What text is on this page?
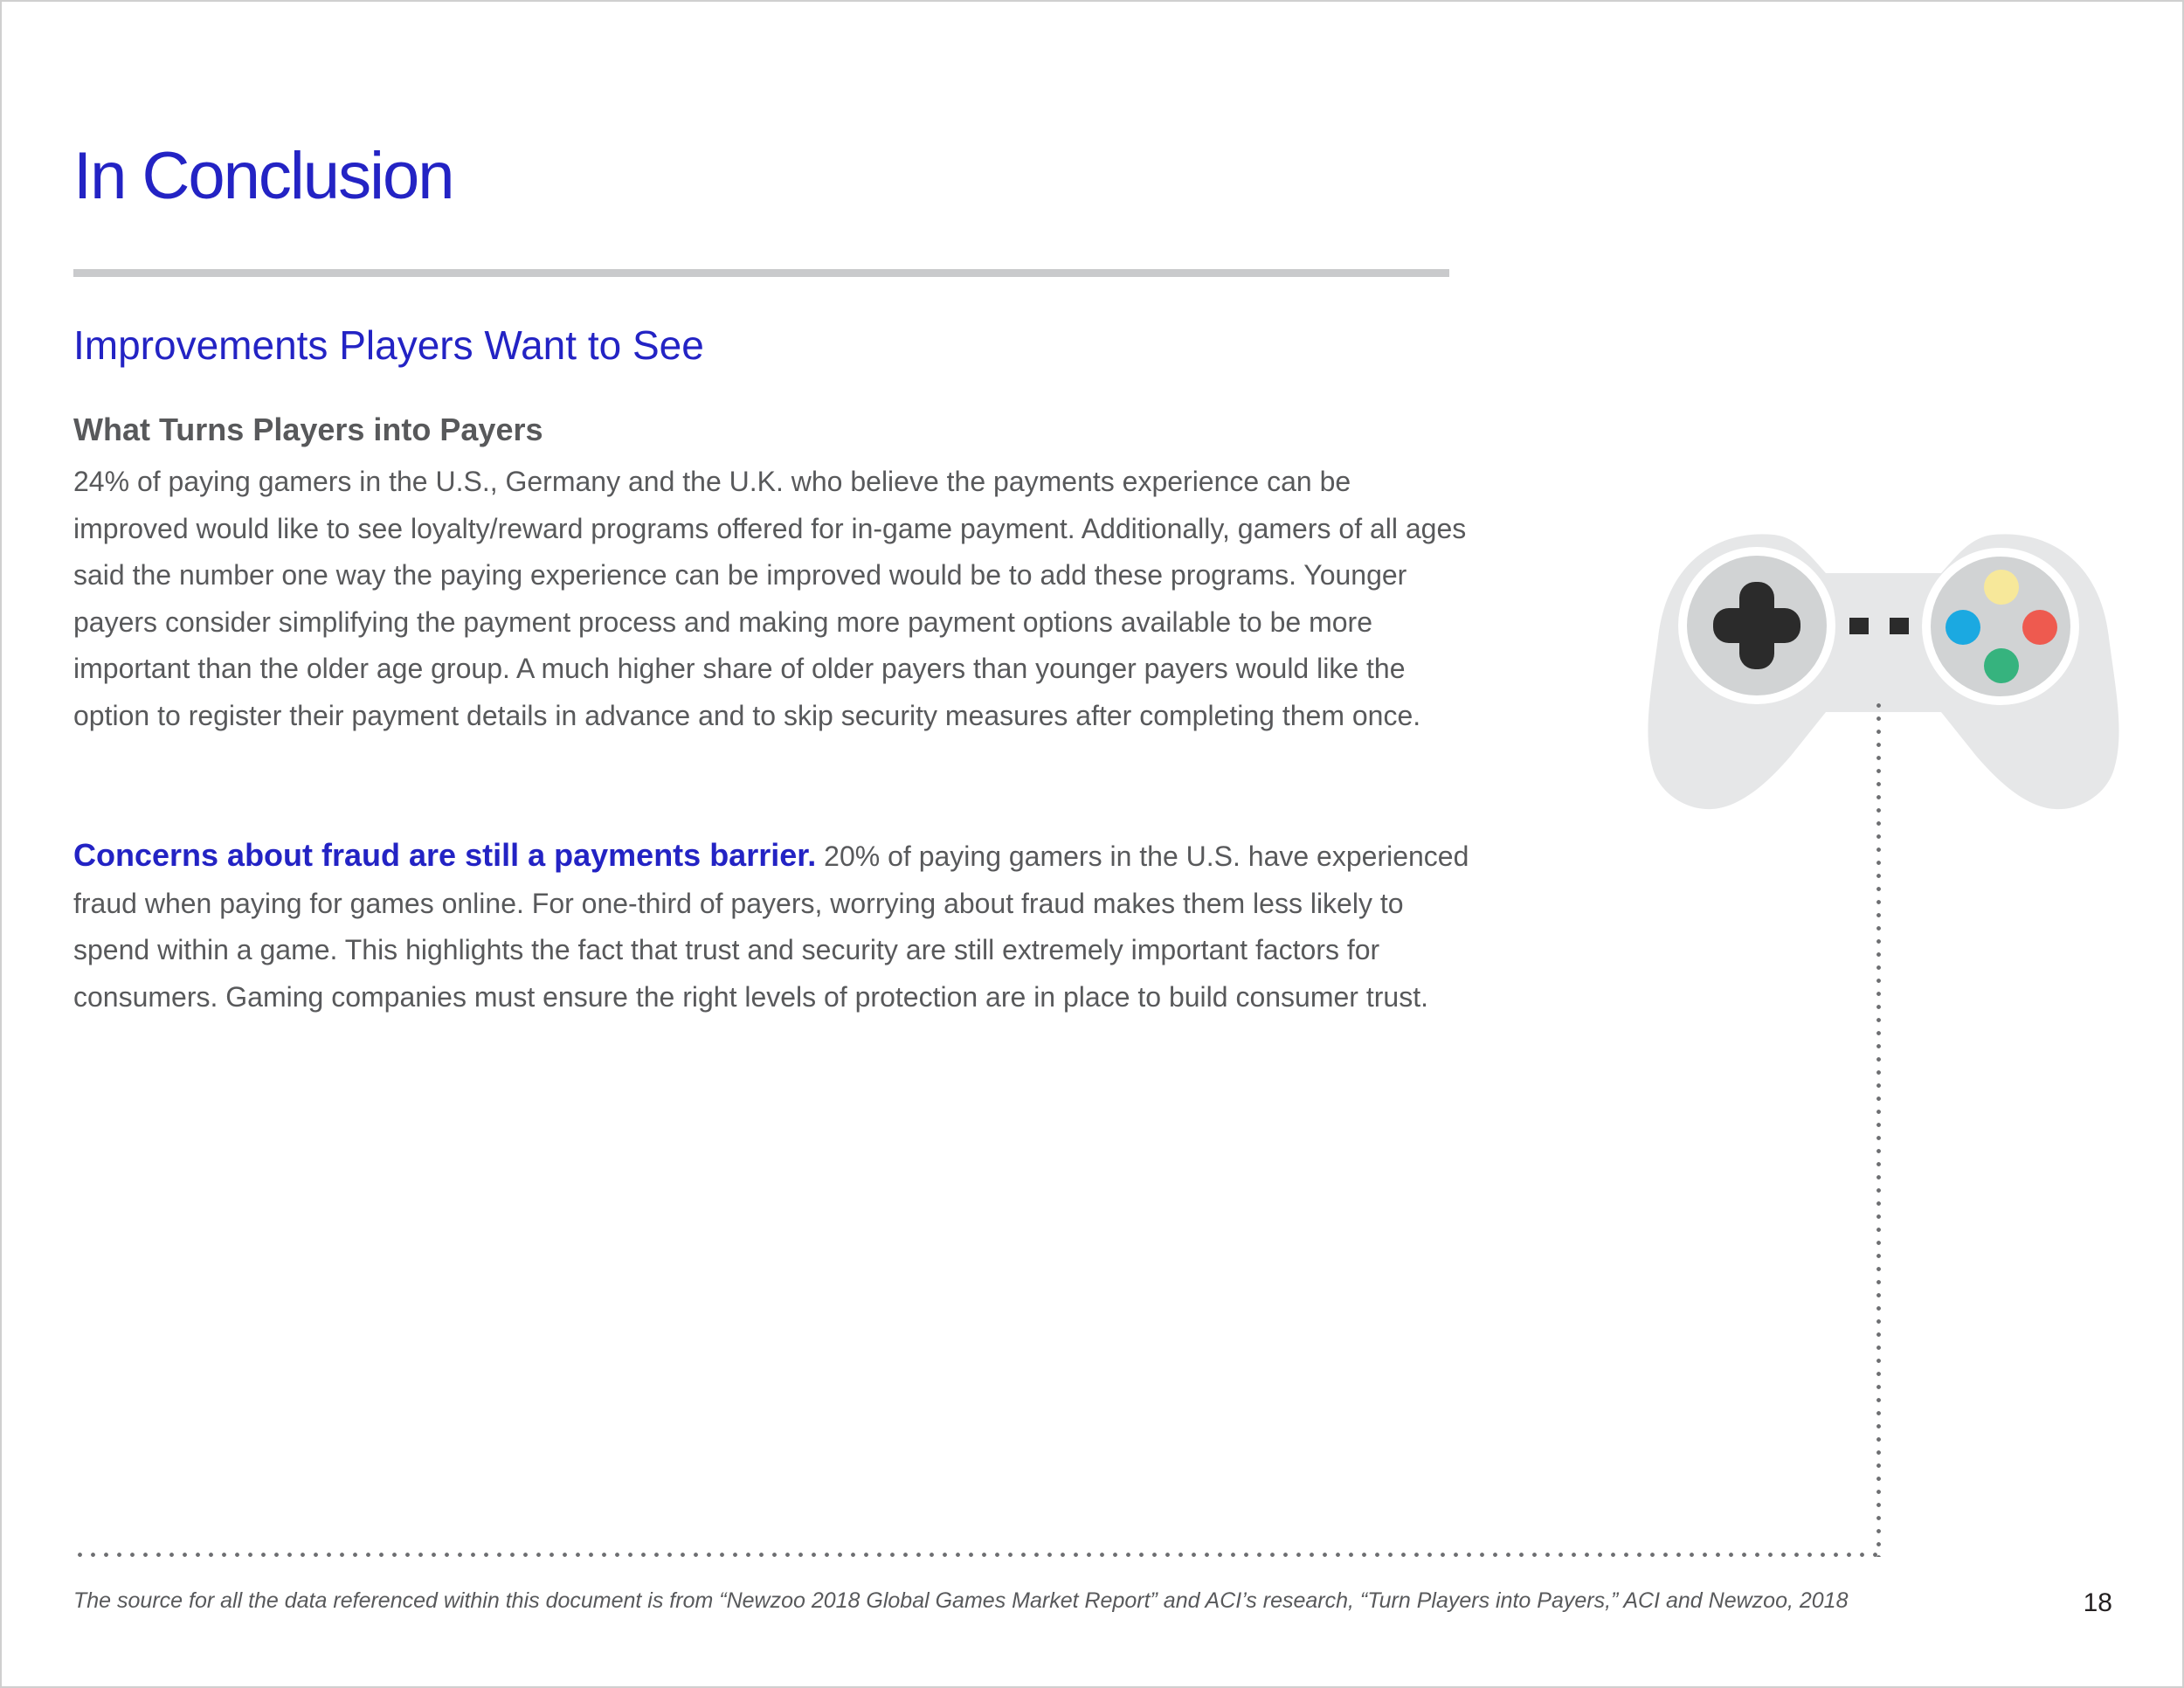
In Conclusion
Improvements Players Want to See
What Turns Players into Payers

24% of paying gamers in the U.S., Germany and the U.K. who believe the payments experience can be improved would like to see loyalty/reward programs offered for in-game payment. Additionally, gamers of all ages said the number one way the paying experience can be improved would be to add these programs. Younger payers consider simplifying the payment process and making more payment options available to be more important than the older age group. A much higher share of older payers than younger payers would like the option to register their payment details in advance and to skip security measures after completing them once.

Concerns about fraud are still a payments barrier. 20% of paying gamers in the U.S. have experienced fraud when paying for games online. For one-third of payers, worrying about fraud makes them less likely to spend within a game. This highlights the fact that trust and security are still extremely important factors for consumers. Gaming companies must ensure the right levels of protection are in place to build consumer trust.

The source for all the data referenced within this document is from “Newzoo 2018 Global Games Market Report” and ACI’s research, “Turn Players into Payers,” ACI and Newzoo, 2018	18
